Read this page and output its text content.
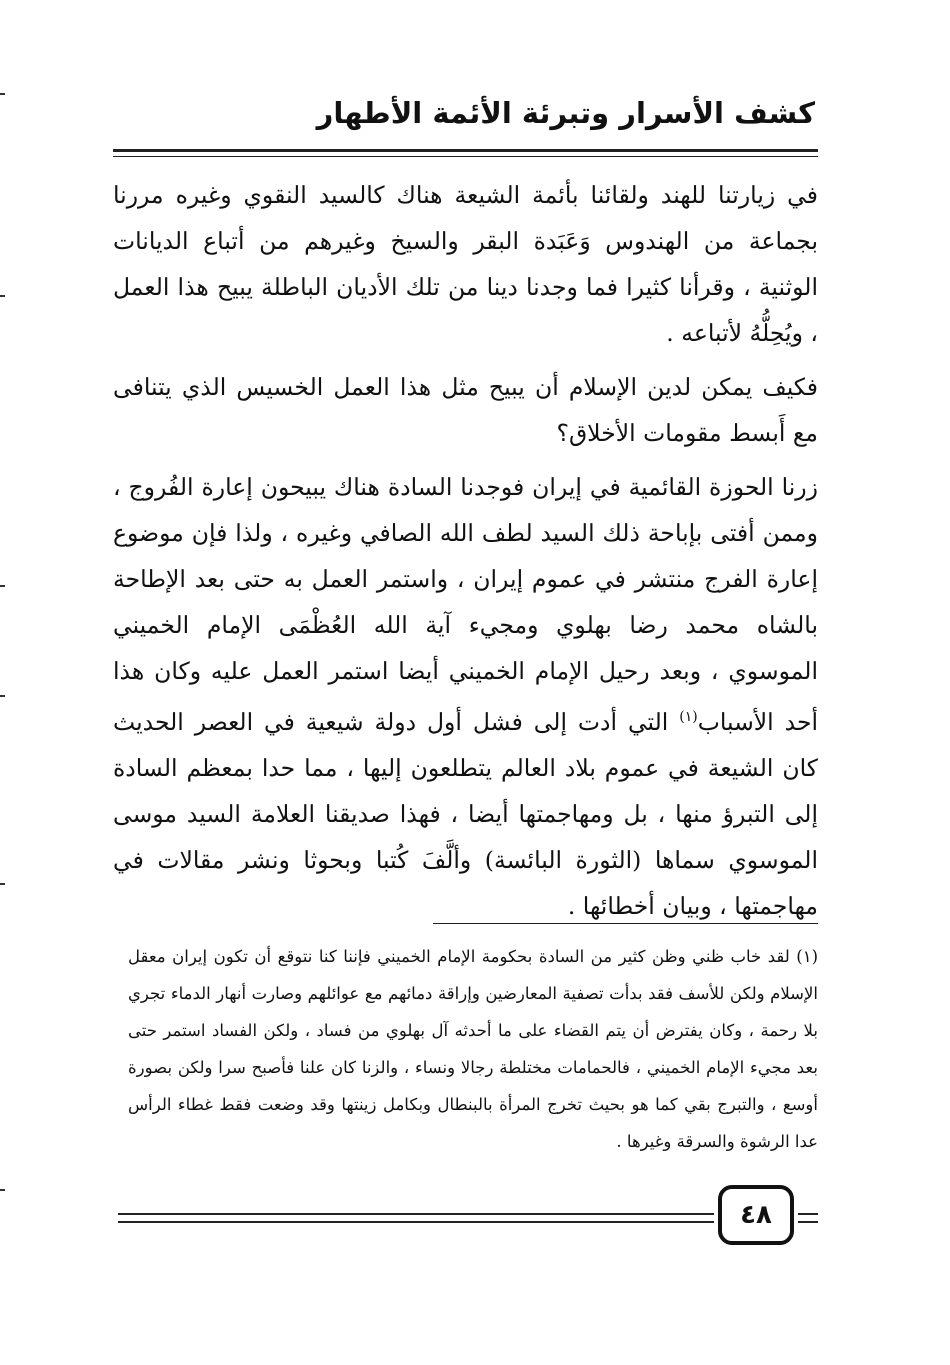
كشف الأسرار وتبرئة الأئمة الأطهار

في زيارتنا للهند ولقائنا بأئمة الشيعة هناك كالسيد النقوي وغيره مررنا بجماعة من الهندوس وَعَبَدة البقر والسيخ وغيرهم من أتباع الديانات الوثنية ، وقرأنا كثيرا فما وجدنا دينا من تلك الأديان الباطلة يبيح هذا العمل ، ويُحِلُّهُ لأتباعه .

فكيف يمكن لدين الإسلام أن يبيح مثل هذا العمل الخسيس الذي يتنافى مع أَبسط مقومات الأخلاق؟

زرنا الحوزة القائمية في إيران فوجدنا السادة هناك يبيحون إعارة الفُروج ، وممن أفتى بإباحة ذلك السيد لطف الله الصافي وغيره ، ولذا فإن موضوع إعارة الفرج منتشر في عموم إيران ، واستمر العمل به حتى بعد الإطاحة بالشاه محمد رضا بهلوي ومجيء آية الله العُظْمَى الإمام الخميني الموسوي ، وبعد رحيل الإمام الخميني أيضا استمر العمل عليه وكان هذا أحد الأسباب$^{(١)}$ التي أدت إلى فشل أول دولة شيعية في العصر الحديث كان الشيعة في عموم بلاد العالم يتطلعون إليها ، مما حدا بمعظم السادة إلى التبرؤ منها ، بل ومهاجمتها أيضا ، فهذا صديقنا العلامة السيد موسى الموسوي سماها (الثورة البائسة) وألَّفَ كُتبا وبحوثا ونشر مقالات في مهاجمتها ، وبيان أخطائها .

(١) لقد خاب ظني وظن كثير من السادة بحكومة الإمام الخميني فإننا كنا نتوقع أن تكون إيران معقل الإسلام ولكن للأسف فقد بدأت تصفية المعارضين وإراقة دمائهم مع عوائلهم وصارت أنهار الدماء تجري بلا رحمة ، وكان يفترض أن يتم القضاء على ما أحدثه آل بهلوي من فساد ، ولكن الفساد استمر حتى بعد مجيء الإمام الخميني ، فالحمامات مختلطة رجالا ونساء ، والزنا كان علنا فأصبح سرا ولكن بصورة أوسع ، والتبرج بقي كما هو بحيث تخرج المرأة بالبنطال وبكامل زينتها وقد وضعت فقط غطاء الرأس عدا الرشوة والسرقة وغيرها .

٤٨
